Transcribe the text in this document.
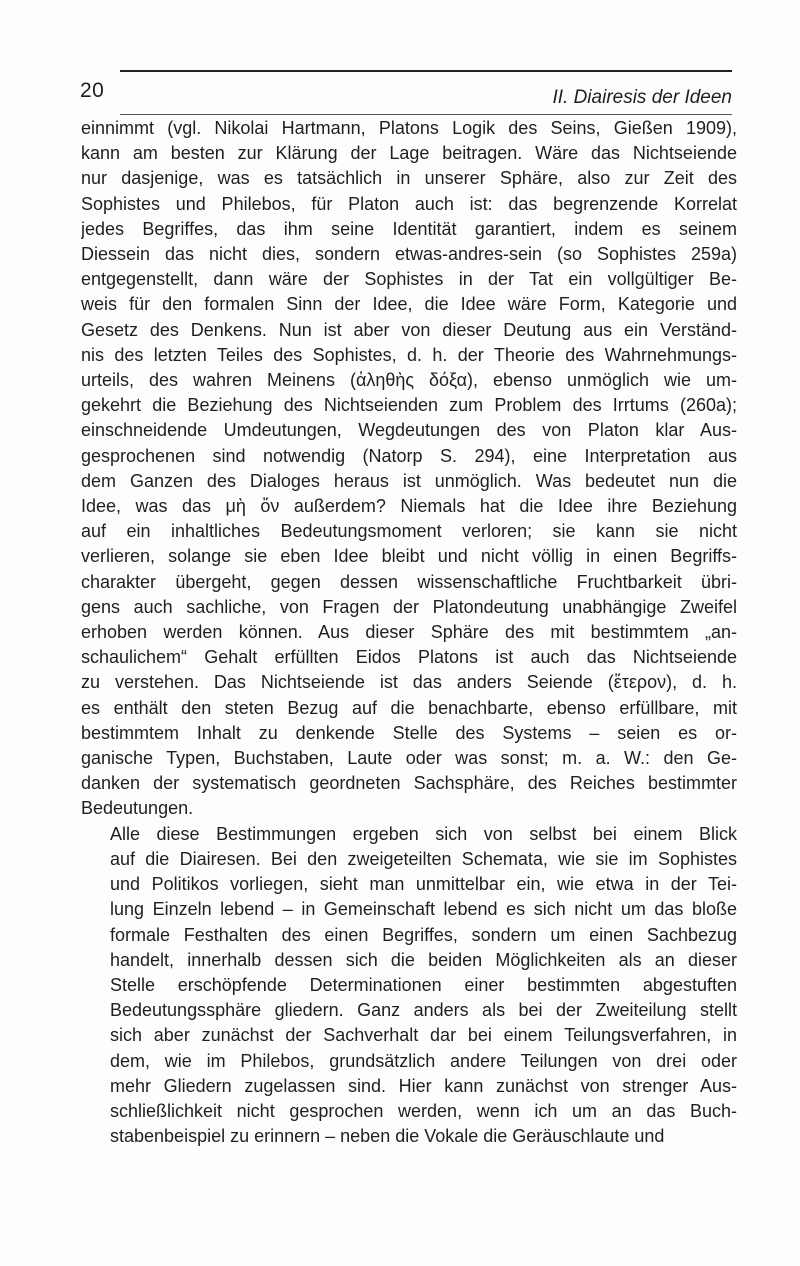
20	II. Diairesis der Ideen

einnimmt (vgl. Nikolai Hartmann, Platons Logik des Seins, Gießen 1909),
kann am besten zur Klärung der Lage beitragen. Wäre das Nichtseiende
nur dasjenige, was es tatsächlich in unserer Sphäre, also zur Zeit des
Sophistes und Philebos, für Platon auch ist: das begrenzende Korrelat
jedes Begriffes, das ihm seine Identität garantiert, indem es seinem
Diessein das nicht dies, sondern etwas-andres-sein (so Sophistes 259a)
entgegenstellt, dann wäre der Sophistes in der Tat ein vollgültiger Be-
weis für den formalen Sinn der Idee, die Idee wäre Form, Kategorie und
Gesetz des Denkens. Nun ist aber von dieser Deutung aus ein Verständ-
nis des letzten Teiles des Sophistes, d. h. der Theorie des Wahrnehmungs-
urteils, des wahren Meinens (ἀληθὴς δόξα), ebenso unmöglich wie um-
gekehrt die Beziehung des Nichtseienden zum Problem des Irrtums (260a);
einschneidende Umdeutungen, Wegdeutungen des von Platon klar Aus-
gesprochenen sind notwendig (Natorp S. 294), eine Interpretation aus
dem Ganzen des Dialoges heraus ist unmöglich. Was bedeutet nun die
Idee, was das μὴ ὄν außerdem? Niemals hat die Idee ihre Beziehung
auf ein inhaltliches Bedeutungsmoment verloren; sie kann sie nicht
verlieren, solange sie eben Idee bleibt und nicht völlig in einen Begriffs-
charakter übergeht, gegen dessen wissenschaftliche Fruchtbarkeit übri-
gens auch sachliche, von Fragen der Platondeutung unabhängige Zweifel
erhoben werden können. Aus dieser Sphäre des mit bestimmtem „an-
schaulichem“ Gehalt erfüllten Eidos Platons ist auch das Nichtseiende
zu verstehen. Das Nichtseiende ist das anders Seiende (ἕτερον), d. h.
es enthält den steten Bezug auf die benachbarte, ebenso erfüllbare, mit
bestimmtem Inhalt zu denkende Stelle des Systems – seien es or-
ganische Typen, Buchstaben, Laute oder was sonst; m. a. W.: den Ge-
danken der systematisch geordneten Sachsphäre, des Reiches bestimmter
Bedeutungen.

Alle diese Bestimmungen ergeben sich von selbst bei einem Blick
auf die Diairesen. Bei den zweigeteilten Schemata, wie sie im Sophistes
und Politikos vorliegen, sieht man unmittelbar ein, wie etwa in der Tei-
lung Einzeln lebend – in Gemeinschaft lebend es sich nicht um das bloße
formale Festhalten des einen Begriffes, sondern um einen Sachbezug
handelt, innerhalb dessen sich die beiden Möglichkeiten als an dieser
Stelle erschöpfende Determinationen einer bestimmten abgestuften
Bedeutungssphäre gliedern. Ganz anders als bei der Zweiteilung stellt
sich aber zunächst der Sachverhalt dar bei einem Teilungsverfahren, in
dem, wie im Philebos, grundsätzlich andere Teilungen von drei oder
mehr Gliedern zugelassen sind. Hier kann zunächst von strenger Aus-
schließlichkeit nicht gesprochen werden, wenn ich um an das Buch-
stabenbeispiel zu erinnern – neben die Vokale die Geräuschlaute und
